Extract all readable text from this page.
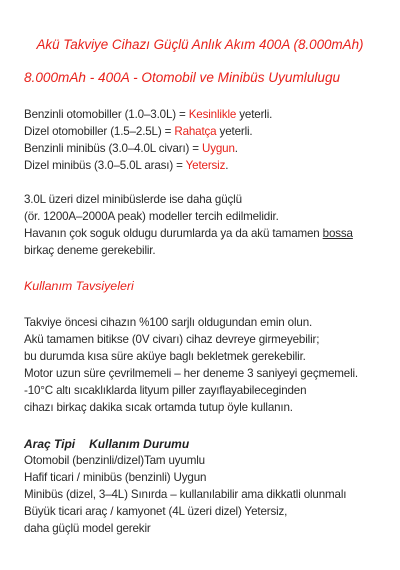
Akü Takviye Cihazı Güçlü Anlık Akım 400A (8.000mAh)
8.000mAh - 400A - Otomobil ve Minibüs Uyumlulugu
Benzinli otomobiller (1.0–3.0L) = Kesinlikle yeterli.
Dizel otomobiller (1.5–2.5L) = Rahatça yeterli.
Benzinli minibüs (3.0–4.0L civarı) = Uygun.
Dizel minibüs (3.0–5.0L arası) = Yetersiz.
3.0L üzeri dizel minibüslerde ise daha güçlü
(ör. 1200A–2000A peak) modeller tercih edilmelidir.
Havanın çok soguk oldugu durumlarda ya da akü tamamen bossa
birkaç deneme gerekebilir.
Kullanım Tavsiyeleri
Takviye öncesi cihazın %100 sarjlı oldugundan emin olun.
Akü tamamen bitikse (0V civarı) cihaz devreye girmeyebilir;
bu durumda kısa süre aküye baglı bekletmek gerekebilir.
Motor uzun süre çevrilmemeli – her deneme 3 saniyeyi geçmemeli.
-10°C altı sıcaklıklarda lityum piller zayıflayabileceginden
cihazı birkaç dakika sıcak ortamda tutup öyle kullanın.
Araç Tipi Kullanım Durumu
Otomobil (benzinli/dizel)Tam uyumlu
Hafif ticari / minibüs (benzinli) Uygun
Minibüs (dizel, 3–4L) Sınırda – kullanılabilir ama dikkatli olunmalı
Büyük ticari araç / kamyonet (4L üzeri dizel) Yetersiz,
daha güçlü model gerekir
